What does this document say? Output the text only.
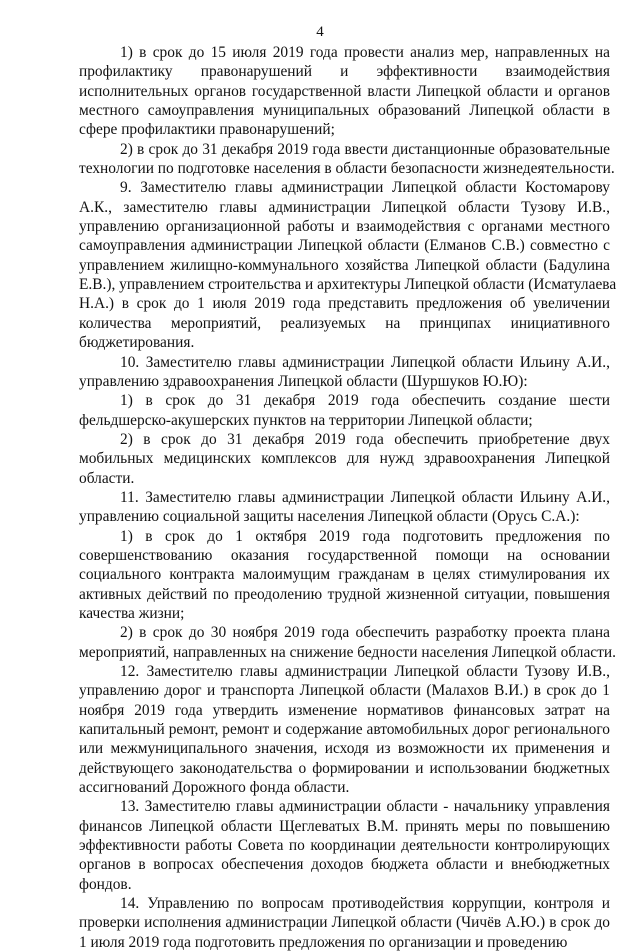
4
1) в срок до 15 июля 2019 года провести анализ мер, направленных на
профилактику правонарушений и эффективности взаимодействия
исполнительных органов государственной власти Липецкой области и органов
местного самоуправления муниципальных образований Липецкой области в
сфере профилактики правонарушений;
2) в срок до 31 декабря 2019 года ввести дистанционные образовательные
технологии по подготовке населения в области безопасности жизнедеятельности.
9. Заместителю главы администрации Липецкой области Костомарову
А.К., заместителю главы администрации Липецкой области Тузову И.В.,
управлению организационной работы и взаимодействия с органами местного
самоуправления администрации Липецкой области (Елманов С.В.) совместно с
управлением жилищно-коммунального хозяйства Липецкой области (Бадулина
Е.В.), управлением строительства и архитектуры Липецкой области (Исматулаева
Н.А.) в срок до 1 июля 2019 года представить предложения об увеличении
количества мероприятий, реализуемых на принципах инициативного
бюджетирования.
10. Заместителю главы администрации Липецкой области Ильину А.И.,
управлению здравоохранения Липецкой области (Шуршуков Ю.Ю):
1) в срок до 31 декабря 2019 года обеспечить создание шести
фельдшерско-акушерских пунктов на территории Липецкой области;
2) в срок до 31 декабря 2019 года обеспечить приобретение двух
мобильных медицинских комплексов для нужд здравоохранения Липецкой
области.
11. Заместителю главы администрации Липецкой области Ильину А.И.,
управлению социальной защиты населения Липецкой области (Орусь С.А.):
1) в срок до 1 октября 2019 года подготовить предложения по
совершенствованию оказания государственной помощи на основании
социального контракта малоимущим гражданам в целях стимулирования их
активных действий по преодолению трудной жизненной ситуации, повышения
качества жизни;
2) в срок до 30 ноября 2019 года обеспечить разработку проекта плана
мероприятий, направленных на снижение бедности населения Липецкой области.
12. Заместителю главы администрации Липецкой области Тузову И.В.,
управлению дорог и транспорта Липецкой области (Малахов В.И.) в срок до 1
ноября 2019 года утвердить изменение нормативов финансовых затрат на
капитальный ремонт, ремонт и содержание автомобильных дорог регионального
или межмуниципального значения, исходя из возможности их применения и
действующего законодательства о формировании и использовании бюджетных
ассигнований Дорожного фонда области.
13. Заместителю главы администрации области - начальнику управления
финансов Липецкой области Щеглеватых В.М. принять меры по повышению
эффективности работы Совета по координации деятельности контролирующих
органов в вопросах обеспечения доходов бюджета области и внебюджетных
фондов.
14. Управлению по вопросам противодействия коррупции, контроля и
проверки исполнения администрации Липецкой области (Чичёв А.Ю.) в срок до
1 июля 2019 года подготовить предложения по организации и проведению
